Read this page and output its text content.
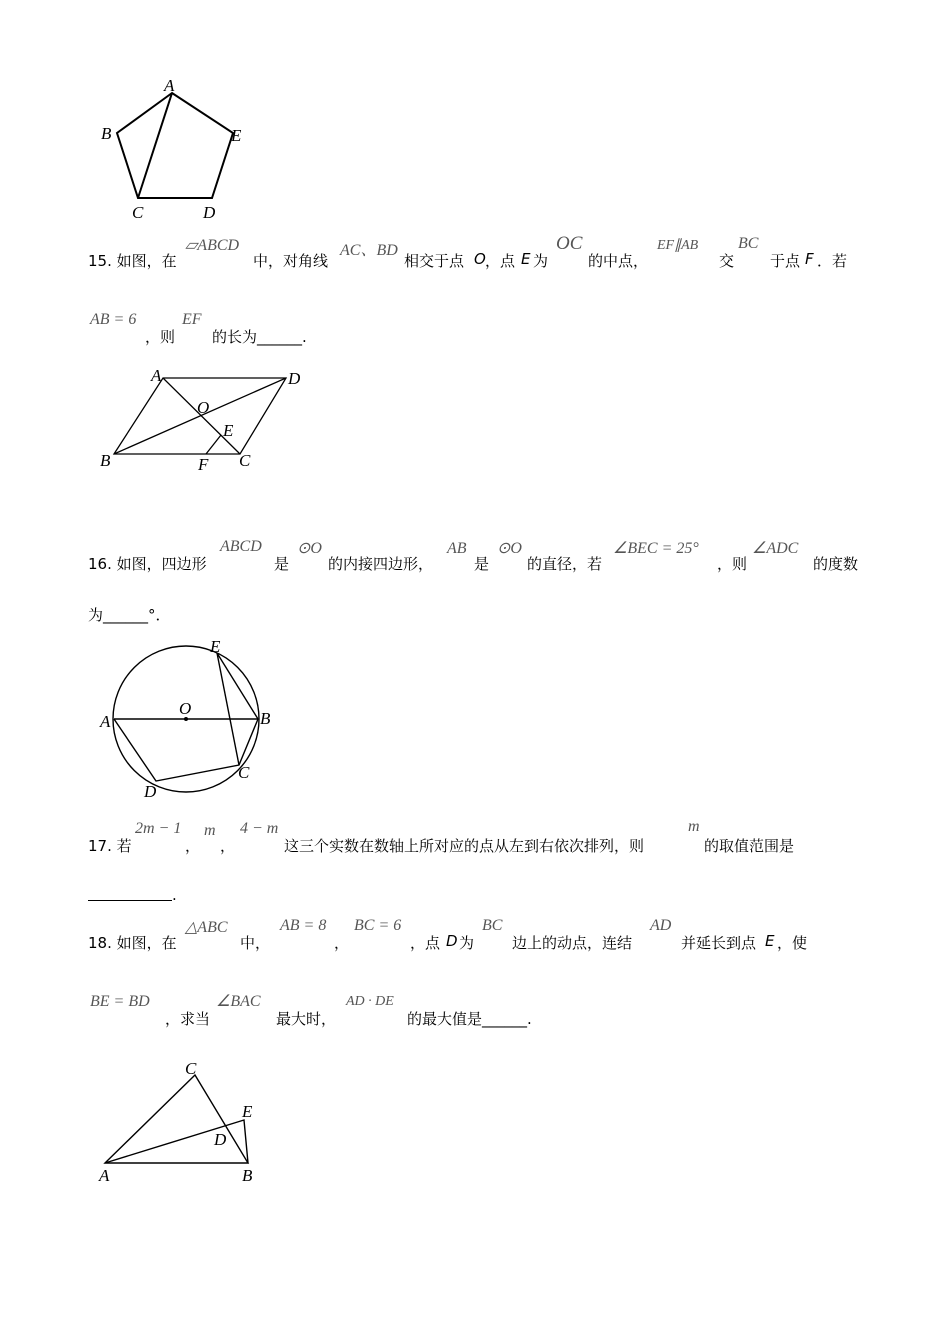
A
B	E
C	D
15. 如图，在
▱ABCD
中，对角线
AC、BD
相交于点 O ，点 E 为
OC
的中点，
EF∥AB
交
BC
于点 F ．若
AB = 6
，则
EF
的长为______.
A	D
O
E
B	F C
16. 如图，四边形
ABCD
是
⊙O
的内接四边形，
AB
是
⊙O
的直径，若
∠BEC = 25°
，则
∠ADC
的度数
为______°．
E
O
A	B
C
D
17. 若
2m − 1
，
m
，
4 − m
这三个实数在数轴上所对应的点从左到右依次排列，则
m
的取值范围是
.
18. 如图，在
△ABC
中，
AB = 8
，
BC = 6
，点 D 为
BC
边上的动点，连结
AD
并延长到点 E ，使
BE = BD
，求当
∠BAC
最大时，
AD · DE
的最大值是______.
C
E
D
A	B
